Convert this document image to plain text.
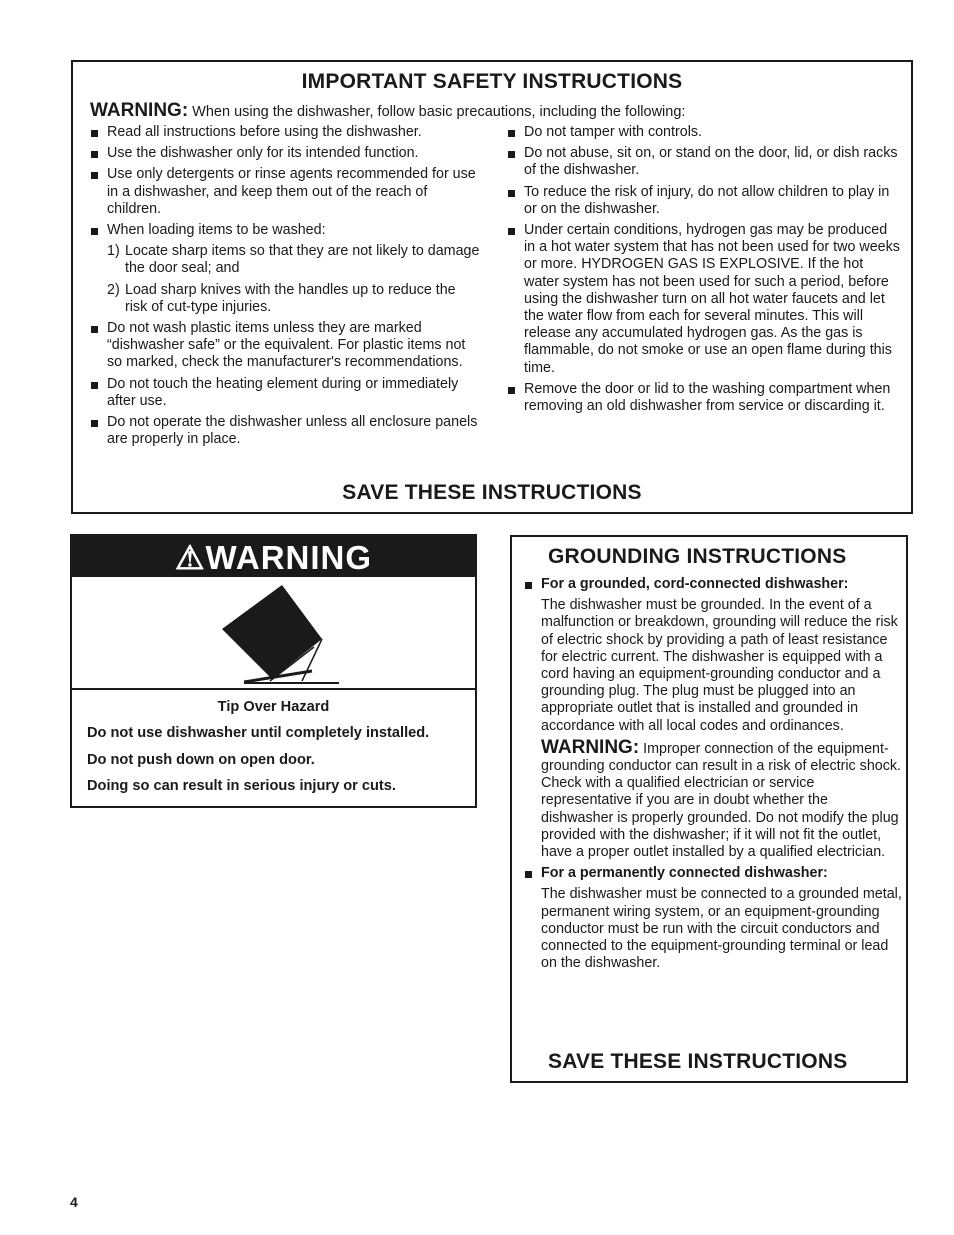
IMPORTANT SAFETY INSTRUCTIONS
WARNING: When using the dishwasher, follow basic precautions, including the following:
Read all instructions before using the dishwasher.
Use the dishwasher only for its intended function.
Use only detergents or rinse agents recommended for use in a dishwasher, and keep them out of the reach of children.
When loading items to be washed:
1) Locate sharp items so that they are not likely to damage the door seal; and
2) Load sharp knives with the handles up to reduce the risk of cut-type injuries.
Do not wash plastic items unless they are marked “dishwasher safe” or the equivalent. For plastic items not so marked, check the manufacturer's recommendations.
Do not touch the heating element during or immediately after use.
Do not operate the dishwasher unless all enclosure panels are properly in place.
Do not tamper with controls.
Do not abuse, sit on, or stand on the door, lid, or dish racks of the dishwasher.
To reduce the risk of injury, do not allow children to play in or on the dishwasher.
Under certain conditions, hydrogen gas may be produced in a hot water system that has not been used for two weeks or more. HYDROGEN GAS IS EXPLOSIVE. If the hot water system has not been used for such a period, before using the dishwasher turn on all hot water faucets and let the water flow from each for several minutes. This will release any accumulated hydrogen gas. As the gas is flammable, do not smoke or use an open flame during this time.
Remove the door or lid to the washing compartment when removing an old dishwasher from service or discarding it.
SAVE THESE INSTRUCTIONS
⚠WARNING
Tip Over Hazard
Do not use dishwasher until completely installed.
Do not push down on open door.
Doing so can result in serious injury or cuts.
GROUNDING INSTRUCTIONS
For a grounded, cord-connected dishwasher:
The dishwasher must be grounded. In the event of a malfunction or breakdown, grounding will reduce the risk of electric shock by providing a path of least resistance for electric current. The dishwasher is equipped with a cord having an equipment-grounding conductor and a grounding plug. The plug must be plugged into an appropriate outlet that is installed and grounded in accordance with all local codes and ordinances.
WARNING: Improper connection of the equipment-grounding conductor can result in a risk of electric shock. Check with a qualified electrician or service representative if you are in doubt whether the dishwasher is properly grounded. Do not modify the plug provided with the dishwasher; if it will not fit the outlet, have a proper outlet installed by a qualified electrician.
For a permanently connected dishwasher:
The dishwasher must be connected to a grounded metal, permanent wiring system, or an equipment-grounding conductor must be run with the circuit conductors and connected to the equipment-grounding terminal or lead on the dishwasher.
SAVE THESE INSTRUCTIONS
4
